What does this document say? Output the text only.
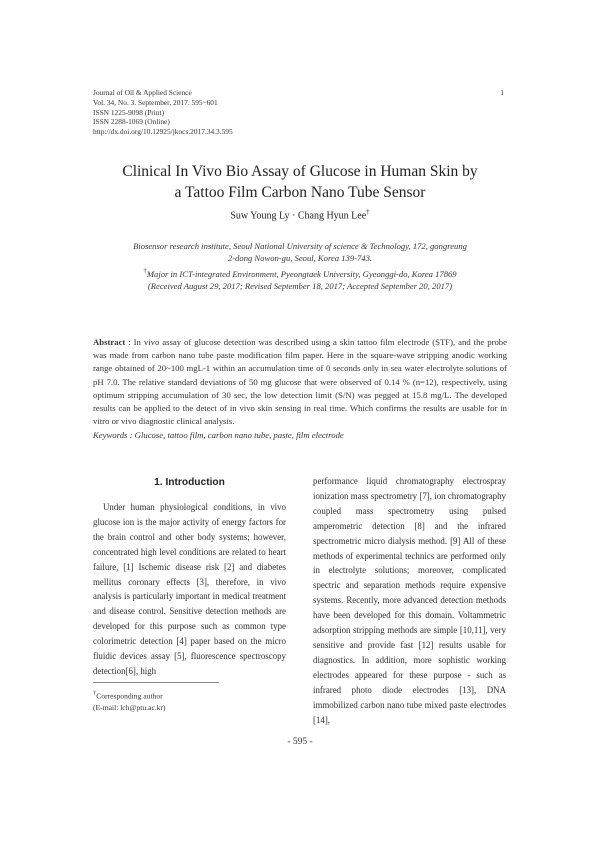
Journal of Oil & Applied Science
Vol. 34, No. 3. September, 2017. 595~601
ISSN 1225-9098 (Print)
ISSN 2288-1069 (Online)
http://dx.doi.org/10.12925/jkocs.2017.34.3.595
1
Clinical In Vivo Bio Assay of Glucose in Human Skin by
a Tattoo Film Carbon Nano Tube Sensor
Suw Young Ly · Chang Hyun Lee†
Biosensor research institute, Seoul National University of science & Technology, 172, gongreung
2-dong Nowon-gu, Seoul, Korea 139-743.
†Major in ICT-integrated Environment, Pyeongtaek University, Gyeonggi-do, Korea 17869
(Received August 29, 2017; Revised September 18, 2017; Accepted September 20, 2017)
Abstract : In vivo assay of glucose detection was described using a skin tattoo film electrode (STF), and the probe was made from carbon nano tube paste modification film paper. Here in the square-wave stripping anodic working range obtained of 20~100 mgL-1 within an accumulation time of 0 seconds only in sea water electrolyte solutions of pH 7.0. The relative standard deviations of 50 mg glucose that were observed of 0.14 % (n=12), respectively, using optimum stripping accumulation of 30 sec, the low detection limit (S/N) was pegged at 15.8 mg/L. The developed results can be applied to the detect of in vivo skin sensing in real time. Which confirms the results are usable for in vitro or vivo diagnostic clinical analysis.
Keywords : Glucose, tattoo film, carbon nano tube, paste, film electrode
1. Introduction
Under human physiological conditions, in vivo glucose ion is the major activity of energy factors for the brain control and other body systems; however, concentrated high level conditions are related to heart failure, [1] Ischemic disease risk [2] and diabetes mellitus coronary effects [3], therefore, in vivo analysis is particularly important in medical treatment and disease control. Sensitive detection methods are developed for this purpose such as common type colorimetric detection [4] paper based on the micro fluidic devices assay [5], fluorescence spectroscopy detection[6], high
performance liquid chromatography electrospray ionization mass spectrometry [7], ion chromatography coupled mass spectrometry using pulsed amperometric detection [8] and the infrared spectrometric micro dialysis method. [9] All of these methods of experimental technics are performed only in electrolyte solutions; moreover, complicated spectric and separation methods require expensive systems. Recently, more advanced detection methods have been developed for this domain. Voltammetric adsorption stripping methods are simple [10,11], very sensitive and provide fast [12] results usable for diagnostics. In addition, more sophistic working electrodes appeared for these purpose - such as infrared photo diode electrodes [13], DNA immobilized carbon nano tube mixed paste electrodes [14],
†Corresponding author
(E-mail: lch@ptu.ac.kr)
- 595 -
